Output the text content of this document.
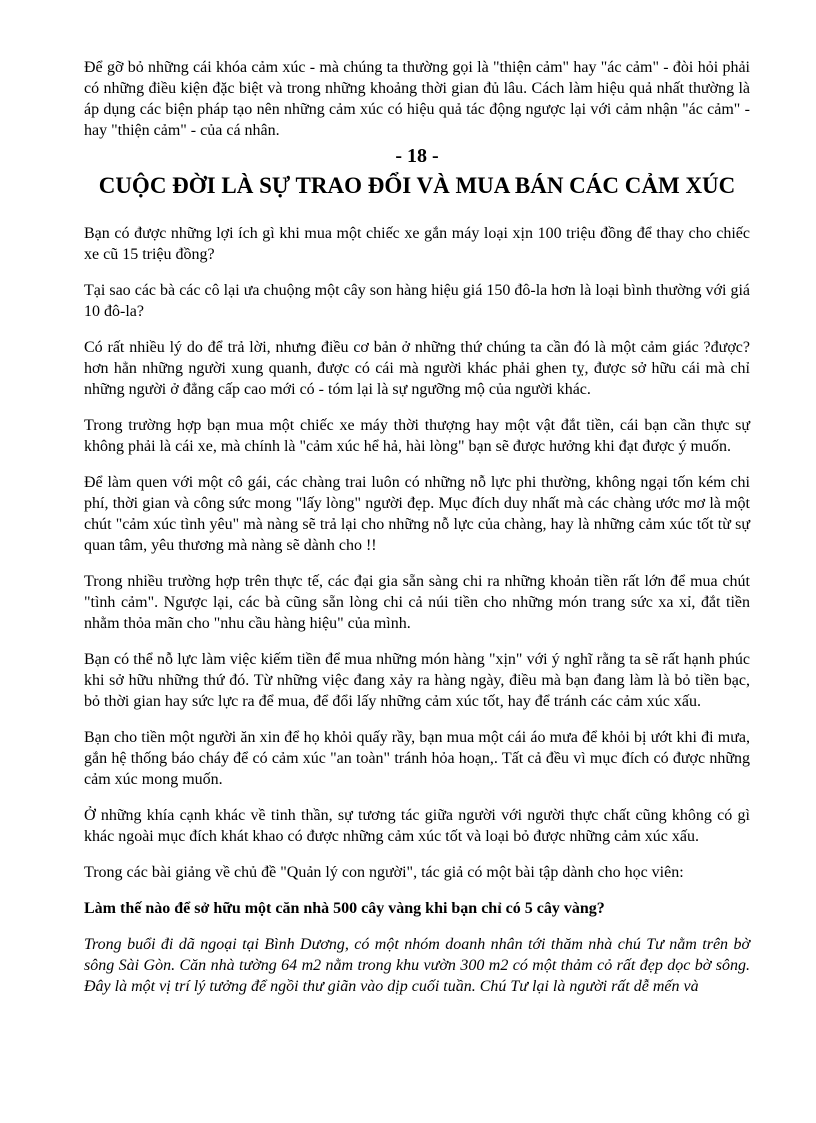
Để gỡ bỏ những cái khóa cảm xúc - mà chúng ta thường gọi là "thiện cảm" hay "ác cảm" - đòi hỏi phải có những điều kiện đặc biệt và trong những khoảng thời gian đủ lâu. Cách làm hiệu quả nhất thường là áp dụng các biện pháp tạo nên những cảm xúc có hiệu quả tác động ngược lại với cảm nhận "ác cảm" - hay "thiện cảm" - của cá nhân.

- 18 -
CUỘC ĐỜI LÀ SỰ TRAO ĐỔI VÀ MUA BÁN CÁC CẢM XÚC

Bạn có được những lợi ích gì khi mua một chiếc xe gắn máy loại xịn 100 triệu đồng để thay cho chiếc xe cũ 15 triệu đồng?

Tại sao các bà các cô lại ưa chuộng một cây son hàng hiệu giá 150 đô-la hơn là loại bình thường với giá 10 đô-la?

Có rất nhiều lý do để trả lời, nhưng điều cơ bản ở những thứ chúng ta cần đó là một cảm giác ?được? hơn hẳn những người xung quanh, được có cái mà người khác phải ghen tỵ, được sở hữu cái mà chỉ những người ở đẳng cấp cao mới có - tóm lại là sự ngưỡng mộ của người khác.

Trong trường hợp bạn mua một chiếc xe máy thời thượng hay một vật đắt tiền, cái bạn cần thực sự không phải là cái xe, mà chính là "cảm xúc hể hả, hài lòng" bạn sẽ được hưởng khi đạt được ý muốn.

Để làm quen với một cô gái, các chàng trai luôn có những nỗ lực phi thường, không ngại tốn kém chi phí, thời gian và công sức mong "lấy lòng" người đẹp. Mục đích duy nhất mà các chàng ước mơ là một chút "cảm xúc tình yêu" mà nàng sẽ trả lại cho những nỗ lực của chàng, hay là những cảm xúc tốt từ sự quan tâm, yêu thương mà nàng sẽ dành cho !!

Trong nhiều trường hợp trên thực tế, các đại gia sẵn sàng chi ra những khoản tiền rất lớn để mua chút "tình cảm". Ngược lại, các bà cũng sẵn lòng chi cả núi tiền cho những món trang sức xa xỉ, đắt tiền nhằm thỏa mãn cho "nhu cầu hàng hiệu" của mình.

Bạn có thể nỗ lực làm việc kiếm tiền để mua những món hàng "xịn" với ý nghĩ rằng ta sẽ rất hạnh phúc khi sở hữu những thứ đó. Từ những việc đang xảy ra hàng ngày, điều mà bạn đang làm là bỏ tiền bạc, bỏ thời gian hay sức lực ra để mua, để đổi lấy những cảm xúc tốt, hay để tránh các cảm xúc xấu.

Bạn cho tiền một người ăn xin để họ khỏi quấy rầy, bạn mua một cái áo mưa để khỏi bị ướt khi đi mưa, gắn hệ thống báo cháy để có cảm xúc "an toàn" tránh hỏa hoạn,. Tất cả đều vì mục đích có được những cảm xúc mong muốn.

Ở những khía cạnh khác về tinh thần, sự tương tác giữa người với người thực chất cũng không có gì khác ngoài mục đích khát khao có được những cảm xúc tốt và loại bỏ được những cảm xúc xấu.

Trong các bài giảng về chủ đề "Quản lý con người", tác giả có một bài tập dành cho học viên:

Làm thế nào để sở hữu một căn nhà 500 cây vàng khi bạn chỉ có 5 cây vàng?

Trong buổi đi dã ngoại tại Bình Dương, có một nhóm doanh nhân tới thăm nhà chú Tư nằm trên bờ sông Sài Gòn. Căn nhà tường 64 m2 nằm trong khu vườn 300 m2 có một thảm cỏ rất đẹp dọc bờ sông. Đây là một vị trí lý tưởng để ngồi thư giãn vào dịp cuối tuần. Chú Tư lại là người rất dễ mến và
